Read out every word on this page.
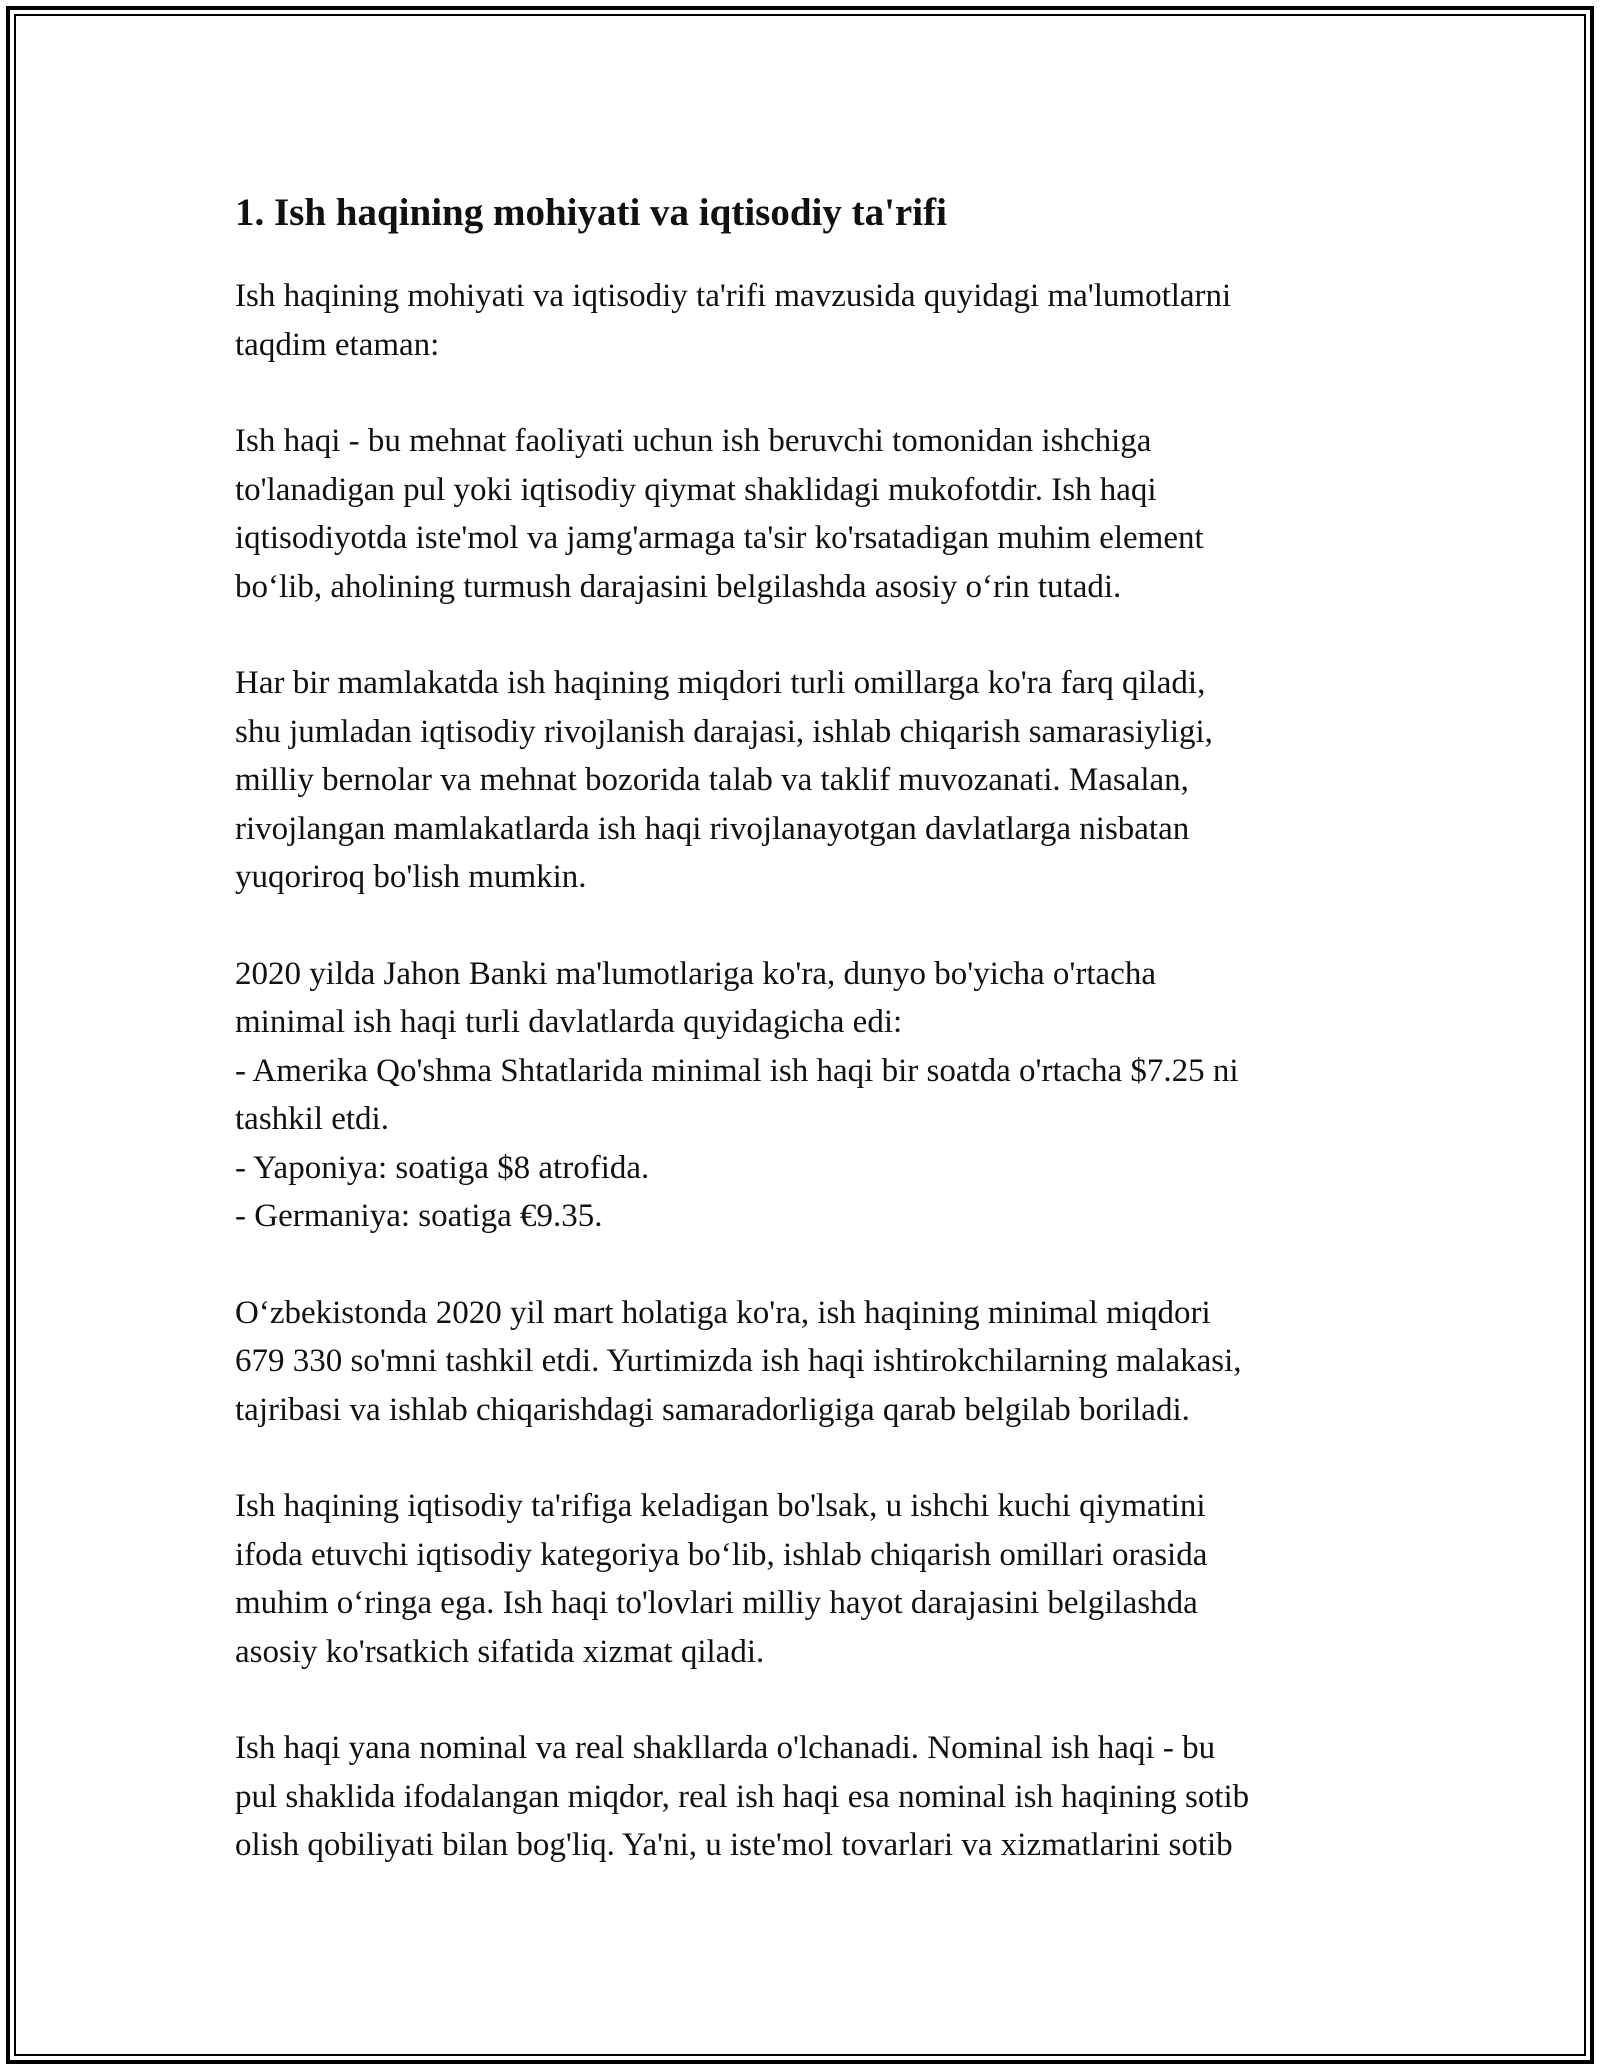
1. Ish haqining mohiyati va iqtisodiy ta'rifi

Ish haqining mohiyati va iqtisodiy ta'rifi mavzusida quyidagi ma'lumotlarni
taqdim etaman:

Ish haqi - bu mehnat faoliyati uchun ish beruvchi tomonidan ishchiga
to'lanadigan pul yoki iqtisodiy qiymat shaklidagi mukofotdir. Ish haqi
iqtisodiyotda iste'mol va jamg'armaga ta'sir ko'rsatadigan muhim element
bo‘lib, aholining turmush darajasini belgilashda asosiy o‘rin tutadi.

Har bir mamlakatda ish haqining miqdori turli omillarga ko'ra farq qiladi,
shu jumladan iqtisodiy rivojlanish darajasi, ishlab chiqarish samarasiyligi,
milliy bernolar va mehnat bozorida talab va taklif muvozanati. Masalan,
rivojlangan mamlakatlarda ish haqi rivojlanayotgan davlatlarga nisbatan
yuqoriroq bo'lish mumkin.

2020 yilda Jahon Banki ma'lumotlariga ko'ra, dunyo bo'yicha o'rtacha
minimal ish haqi turli davlatlarda quyidagicha edi:
- Amerika Qo'shma Shtatlarida minimal ish haqi bir soatda o'rtacha $7.25 ni
tashkil etdi.
- Yaponiya: soatiga $8 atrofida.
- Germaniya: soatiga €9.35.

O‘zbekistonda 2020 yil mart holatiga ko'ra, ish haqining minimal miqdori
679 330 so'mni tashkil etdi. Yurtimizda ish haqi ishtirokchilarning malakasi,
tajribasi va ishlab chiqarishdagi samaradorligiga qarab belgilab boriladi.

Ish haqining iqtisodiy ta'rifiga keladigan bo'lsak, u ishchi kuchi qiymatini
ifoda etuvchi iqtisodiy kategoriya bo‘lib, ishlab chiqarish omillari orasida
muhim o‘ringa ega. Ish haqi to'lovlari milliy hayot darajasini belgilashda
asosiy ko'rsatkich sifatida xizmat qiladi.

Ish haqi yana nominal va real shakllarda o'lchanadi. Nominal ish haqi - bu
pul shaklida ifodalangan miqdor, real ish haqi esa nominal ish haqining sotib
olish qobiliyati bilan bog'liq. Ya'ni, u iste'mol tovarlari va xizmatlarini sotib
